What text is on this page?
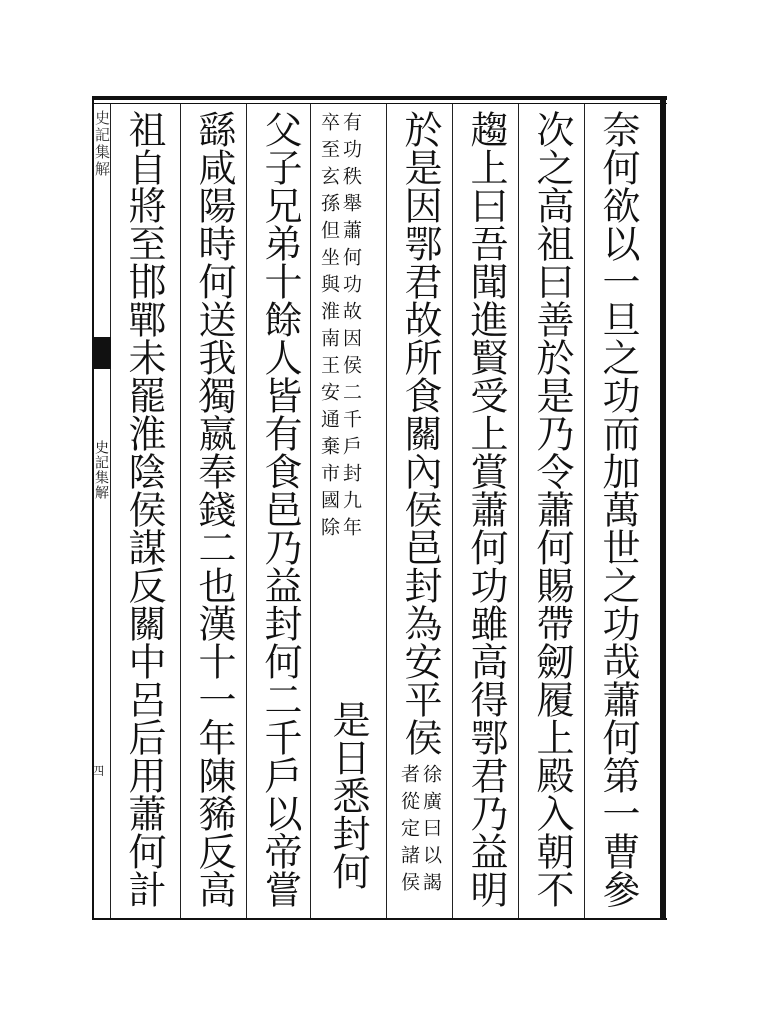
史記集解
史記集解
四	奈何欲以一旦之功而加萬世之功哉蕭何第一曹參
次之高祖曰善於是乃令蕭何賜帶劒履上殿入朝不
趨上曰吾聞進賢受上賞蕭何功雖高得鄂君乃益明
於是因鄂君故所食關內侯邑封為安平侯
徐廣曰以謁
者從定諸侯
有功秩舉蕭何功故因侯二千戶封九年
卒至玄孫但坐與淮南王安通棄市國除
是日悉封何
父子兄弟十餘人皆有食邑乃益封何二千戶以帝嘗
繇咸陽時何送我獨嬴奉錢二也漢十一年陳豨反高
祖自將至邯鄲未罷淮陰侯謀反關中呂后用蕭何計
